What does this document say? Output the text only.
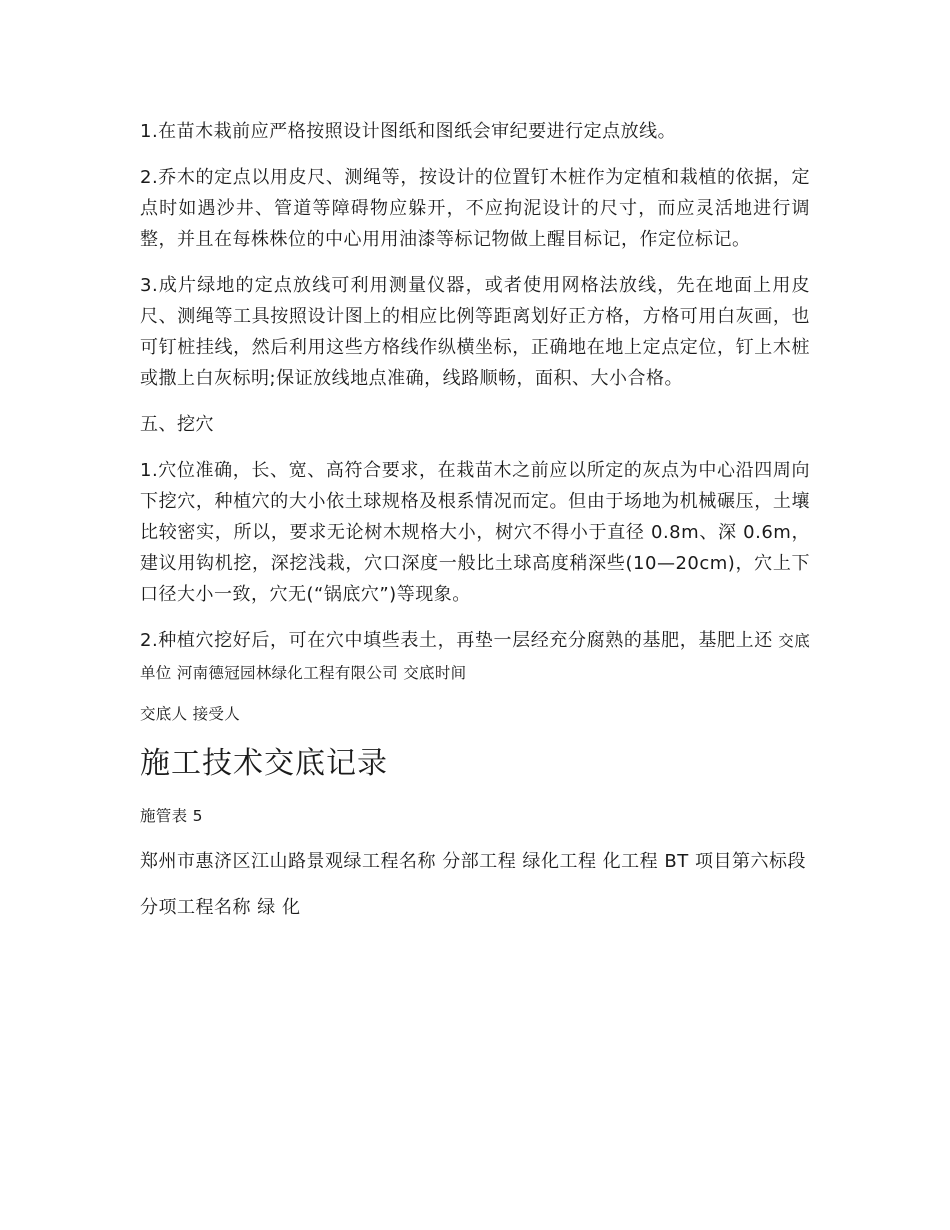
1.在苗木栽前应严格按照设计图纸和图纸会审纪要进行定点放线。

2.乔木的定点以用皮尺、测绳等，按设计的位置钉木桩作为定植和栽植的依据，定点时如遇沙井、管道等障碍物应躲开，不应拘泥设计的尺寸，而应灵活地进行调整，并且在每株株位的中心用用油漆等标记物做上醒目标记，作定位标记。

3.成片绿地的定点放线可利用测量仪器，或者使用网格法放线，先在地面上用皮尺、测绳等工具按照设计图上的相应比例等距离划好正方格，方格可用白灰画，也可钉桩挂线，然后利用这些方格线作纵横坐标，正确地在地上定点定位，钉上木桩或撒上白灰标明;保证放线地点准确，线路顺畅，面积、大小合格。

五、挖穴

1.穴位准确，长、宽、高符合要求，在栽苗木之前应以所定的灰点为中心沿四周向下挖穴，种植穴的大小依土球规格及根系情况而定。但由于场地为机械碾压，土壤比较密实，所以，要求无论树木规格大小，树穴不得小于直径 0.8m、深 0.6m，建议用钩机挖，深挖浅栽，穴口深度一般比土球高度稍深些(10—20cm)，穴上下口径大小一致，穴无(“锅底穴”)等现象。

2.种植穴挖好后，可在穴中填些表土，再垫一层经充分腐熟的基肥，基肥上还 交底单位 河南德冠园林绿化工程有限公司 交底时间

交底人 接受人

施工技术交底记录

施管表 5

郑州市惠济区江山路景观绿工程名称 分部工程 绿化工程 化工程 BT 项目第六标段

分项工程名称 绿 化
